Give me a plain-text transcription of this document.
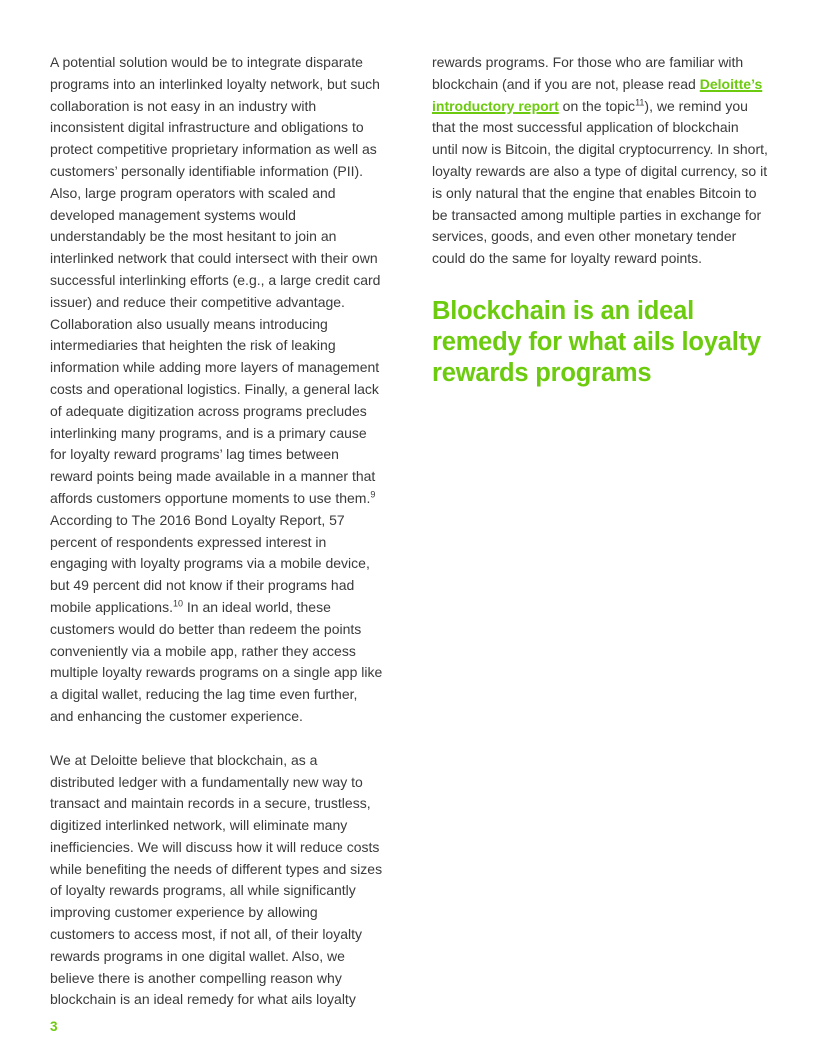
A potential solution would be to integrate disparate programs into an interlinked loyalty network, but such collaboration is not easy in an industry with inconsistent digital infrastructure and obligations to protect competitive proprietary information as well as customers’ personally identifiable information (PII). Also, large program operators with scaled and developed management systems would understandably be the most hesitant to join an interlinked network that could intersect with their own successful interlinking efforts (e.g., a large credit card issuer) and reduce their competitive advantage. Collaboration also usually means introducing intermediaries that heighten the risk of leaking information while adding more layers of management costs and operational logistics. Finally, a general lack of adequate digitization across programs precludes interlinking many programs, and is a primary cause for loyalty reward programs’ lag times between reward points being made available in a manner that affords customers opportune moments to use them.$^9$ According to The 2016 Bond Loyalty Report, 57 percent of respondents expressed interest in engaging with loyalty programs via a mobile device, but 49 percent did not know if their programs had mobile applications.$^{10}$ In an ideal world, these customers would do better than redeem the points conveniently via a mobile app, rather they access multiple loyalty rewards programs on a single app like a digital wallet, reducing the lag time even further, and enhancing the customer experience.

We at Deloitte believe that blockchain, as a distributed ledger with a fundamentally new way to transact and maintain records in a secure, trustless, digitized interlinked network, will eliminate many inefficiencies. We will discuss how it will reduce costs while benefiting the needs of different types and sizes of loyalty rewards programs, all while significantly improving customer experience by allowing customers to access most, if not all, of their loyalty rewards programs in one digital wallet. Also, we believe there is another compelling reason why blockchain is an ideal remedy for what ails loyalty

rewards programs. For those who are familiar with blockchain (and if you are not, please read Deloitte’s introductory report on the topic$^{11}$), we remind you that the most successful application of blockchain until now is Bitcoin, the digital cryptocurrency. In short, loyalty rewards are also a type of digital currency, so it is only natural that the engine that enables Bitcoin to be transacted among multiple parties in exchange for services, goods, and even other monetary tender could do the same for loyalty reward points.

Blockchain is an ideal remedy for what ails loyalty rewards programs
3
